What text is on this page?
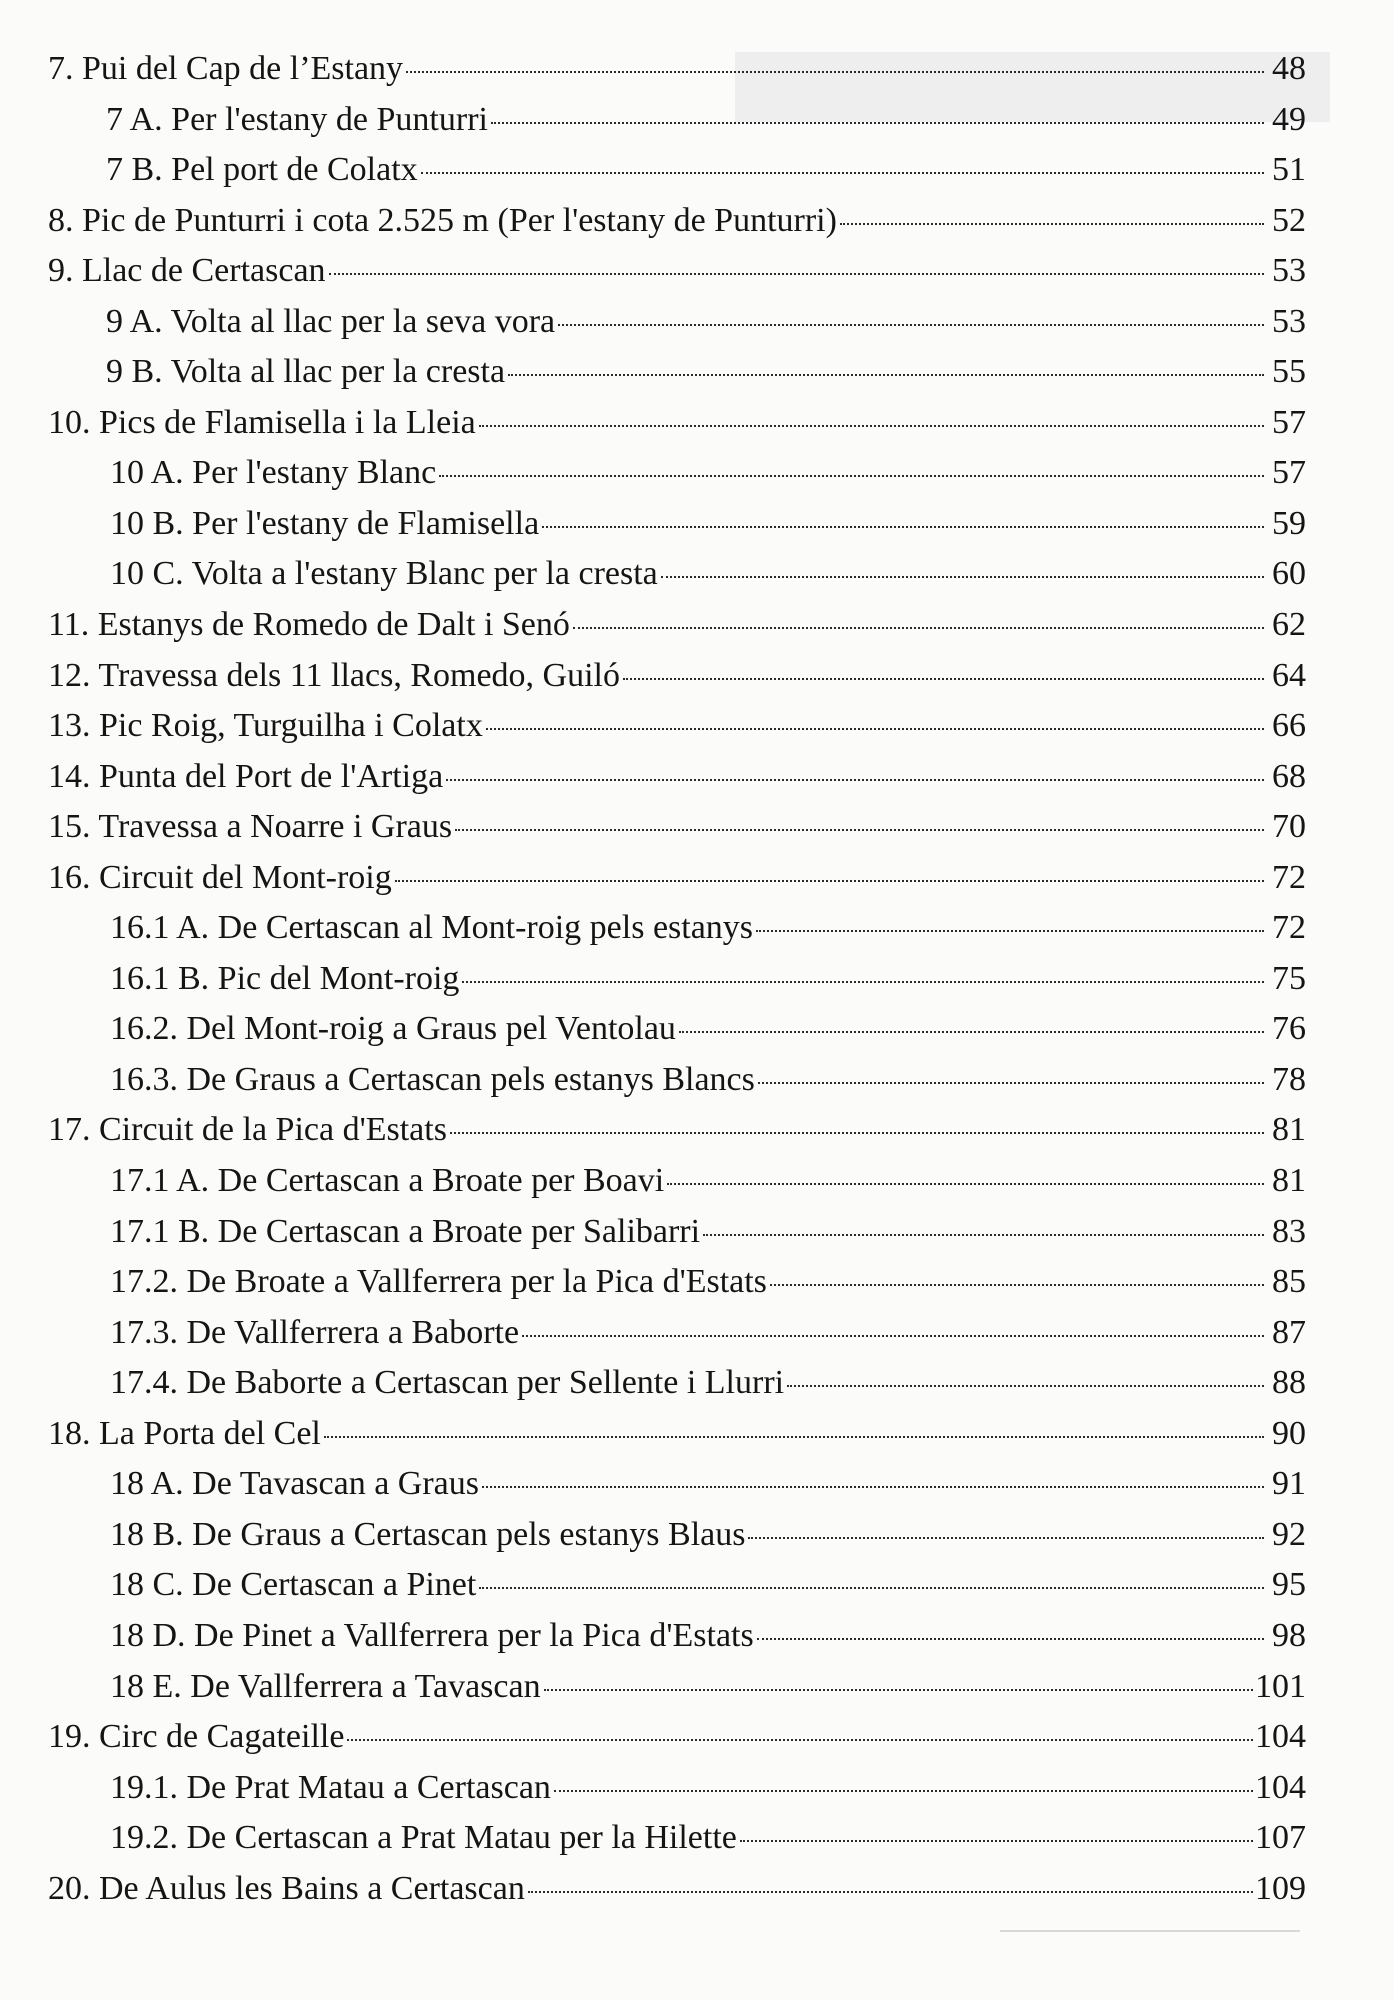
7. Pui del Cap de l’Estany	48
7 A. Per l'estany de Punturri	49
7 B. Pel port de Colatx	51
8. Pic de Punturri i cota 2.525 m (Per l'estany de Punturri)	52
9. Llac de Certascan	53
9 A. Volta al llac per la seva vora	53
9 B. Volta al llac per la cresta	55
10. Pics de Flamisella i la Lleia	57
10 A. Per l'estany Blanc	57
10 B. Per l'estany de Flamisella	59
10 C. Volta a l'estany Blanc per la cresta	60
11. Estanys de Romedo de Dalt i Senó	62
12. Travessa dels 11 llacs, Romedo, Guiló	64
13. Pic Roig, Turguilha i Colatx	66
14. Punta del Port de l'Artiga	68
15. Travessa a Noarre i Graus	70
16. Circuit del Mont-roig	72
16.1 A. De Certascan al Mont-roig pels estanys	72
16.1 B. Pic del Mont-roig	75
16.2. Del Mont-roig a Graus pel Ventolau	76
16.3. De Graus a Certascan pels estanys Blancs	78
17. Circuit de la Pica d'Estats	81
17.1 A. De Certascan a Broate per Boavi	81
17.1 B. De Certascan a Broate per Salibarri	83
17.2. De Broate a Vallferrera per la Pica d'Estats	85
17.3. De Vallferrera a Baborte	87
17.4. De Baborte a Certascan per Sellente i Llurri	88
18. La Porta del Cel	90
18 A. De Tavascan a Graus	91
18 B. De Graus a Certascan pels estanys Blaus	92
18 C. De Certascan a Pinet	95
18 D. De Pinet a Vallferrera per la Pica d'Estats	98
18 E. De Vallferrera a Tavascan	101
19. Circ de Cagateille	104
19.1. De Prat Matau a Certascan	104
19.2. De Certascan a Prat Matau per la Hilette	107
20. De Aulus les Bains a Certascan	109
